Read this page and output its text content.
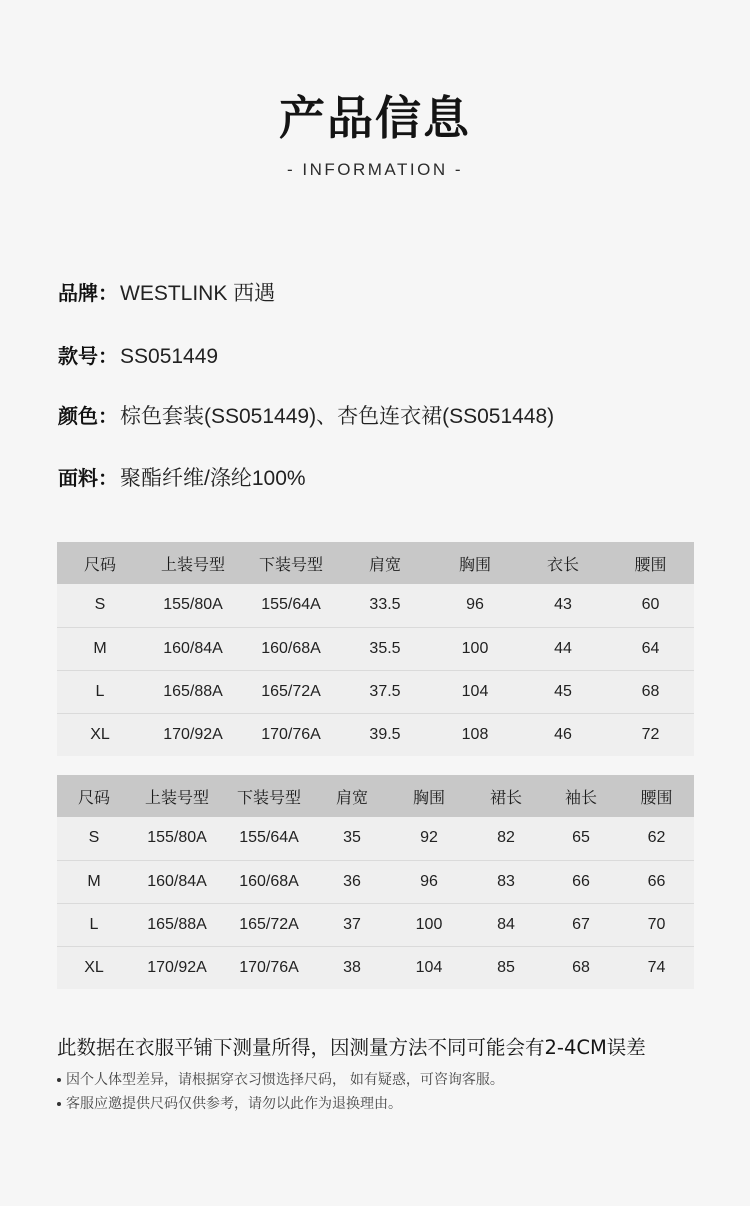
产品信息
- INFORMATION -
品牌：WESTLINK 西遇
款号：SS051449
颜色：棕色套装(SS051449)、杏色连衣裙(SS051448)
面料：聚酯纤维/涤纶100%
尺码	上装号型	下装号型	肩宽	胸围	衣长	腰围
S	155/80A	155/64A	33.5	96	43	60
M	160/84A	160/68A	35.5	100	44	64
L	165/88A	165/72A	37.5	104	45	68
XL	170/92A	170/76A	39.5	108	46	72
尺码	上装号型	下装号型	肩宽	胸围	裙长	袖长	腰围
S	155/80A	155/64A	35	92	82	65	62
M	160/84A	160/68A	36	96	83	66	66
L	165/88A	165/72A	37	100	84	67	70
XL	170/92A	170/76A	38	104	85	68	74
此数据在衣服平铺下测量所得，因测量方法不同可能会有2-4CM误差
因个人体型差异，请根据穿衣习惯选择尺码， 如有疑惑，可咨询客服。
客服应邀提供尺码仅供参考，请勿以此作为退换理由。
